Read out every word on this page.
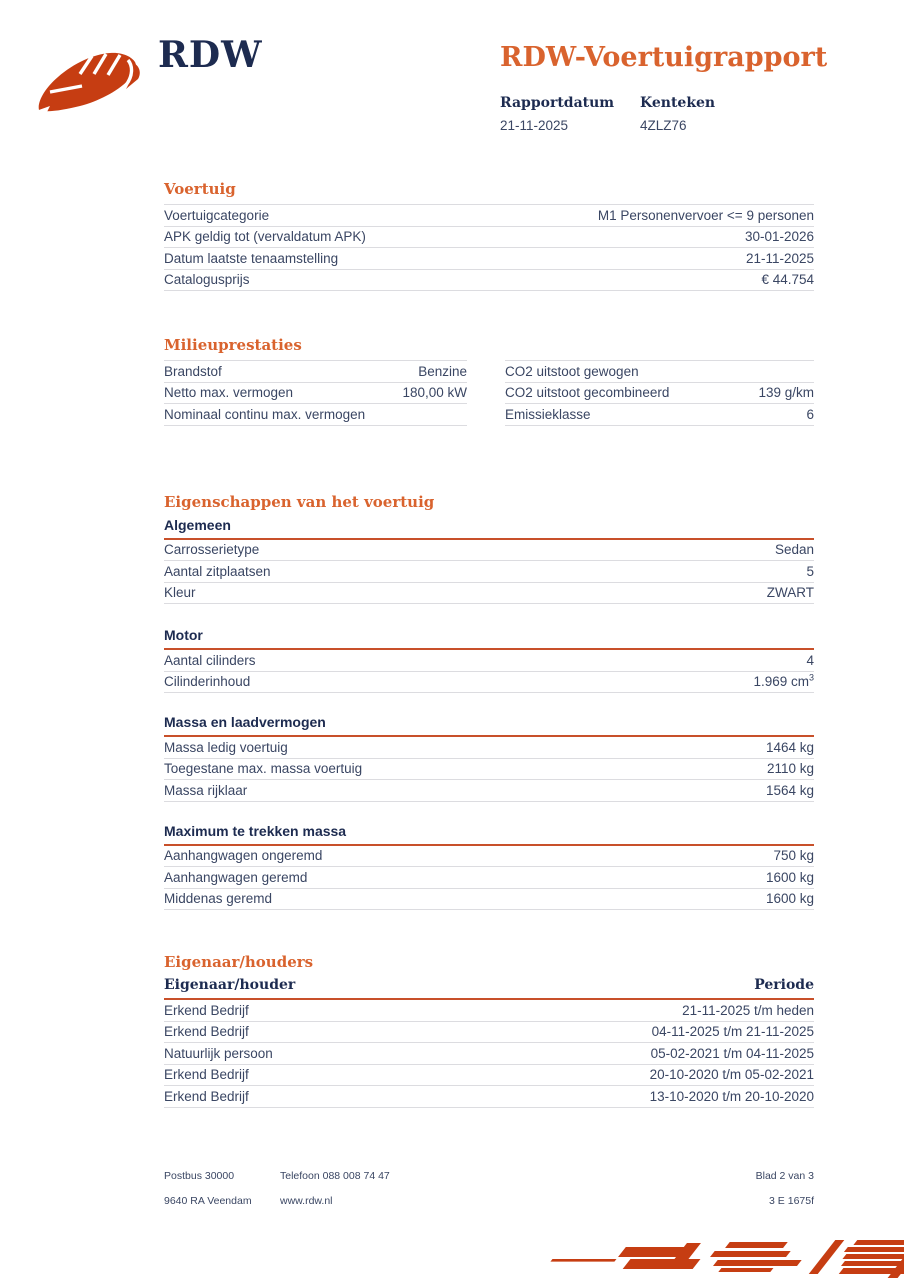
RDW	RDW-Voertuigrapport
Rapportdatum
21-11-2025
Kenteken
4ZLZ76
Voertuig
Voertuigcategorie	M1 Personenvervoer <= 9 personen
APK geldig tot (vervaldatum APK)	30-01-2026
Datum laatste tenaamstelling	21-11-2025
Catalogusprijs	€ 44.754
Milieuprestaties
Brandstof	Benzine
Netto max. vermogen	180,00 kW
Nominaal continu max. vermogen
CO2 uitstoot gewogen
CO2 uitstoot gecombineerd	139 g/km
Emissieklasse	6
Eigenschappen van het voertuig
Algemeen
Carrosserietype	Sedan
Aantal zitplaatsen	5
Kleur	ZWART
Motor
Aantal cilinders	4
Cilinderinhoud	1.969 $cm^3$
Massa en laadvermogen
Massa ledig voertuig	1464 kg
Toegestane max. massa voertuig	2110 kg
Massa rijklaar	1564 kg
Maximum te trekken massa
Aanhangwagen ongeremd	750 kg
Aanhangwagen geremd	1600 kg
Middenas geremd	1600 kg
Eigenaar/houders
Eigenaar/houder	Periode
Erkend Bedrijf	21-11-2025 t/m heden
Erkend Bedrijf	04-11-2025 t/m 21-11-2025
Natuurlijk persoon	05-02-2021 t/m 04-11-2025
Erkend Bedrijf	20-10-2020 t/m 05-02-2021
Erkend Bedrijf	13-10-2020 t/m 20-10-2020
Postbus 30000	Telefoon 088 008 74 47	Blad 2 van 3
9640 RA Veendam	www.rdw.nl	3 E 1675f
